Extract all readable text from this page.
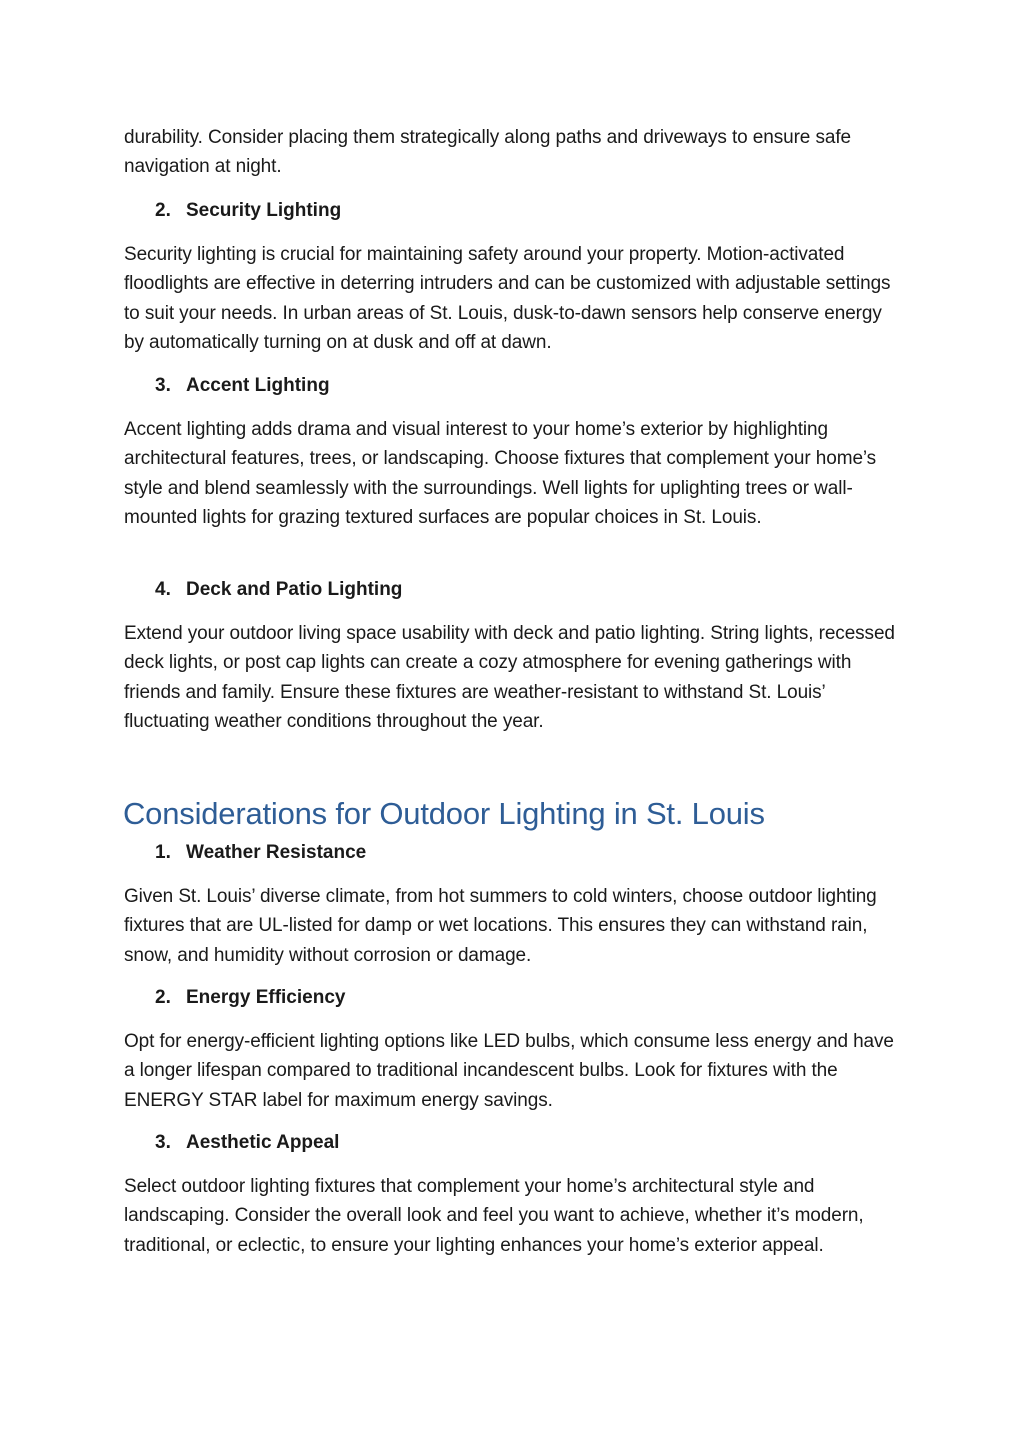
durability. Consider placing them strategically along paths and driveways to ensure safe navigation at night.

2. Security Lighting

Security lighting is crucial for maintaining safety around your property. Motion-activated floodlights are effective in deterring intruders and can be customized with adjustable settings to suit your needs. In urban areas of St. Louis, dusk-to-dawn sensors help conserve energy by automatically turning on at dusk and off at dawn.

3. Accent Lighting

Accent lighting adds drama and visual interest to your home’s exterior by highlighting architectural features, trees, or landscaping. Choose fixtures that complement your home’s style and blend seamlessly with the surroundings. Well lights for uplighting trees or wall-mounted lights for grazing textured surfaces are popular choices in St. Louis.

4. Deck and Patio Lighting

Extend your outdoor living space usability with deck and patio lighting. String lights, recessed deck lights, or post cap lights can create a cozy atmosphere for evening gatherings with friends and family. Ensure these fixtures are weather-resistant to withstand St. Louis’ fluctuating weather conditions throughout the year.

Considerations for Outdoor Lighting in St. Louis
1. Weather Resistance

Given St. Louis’ diverse climate, from hot summers to cold winters, choose outdoor lighting fixtures that are UL-listed for damp or wet locations. This ensures they can withstand rain, snow, and humidity without corrosion or damage.

2. Energy Efficiency

Opt for energy-efficient lighting options like LED bulbs, which consume less energy and have a longer lifespan compared to traditional incandescent bulbs. Look for fixtures with the ENERGY STAR label for maximum energy savings.

3. Aesthetic Appeal

Select outdoor lighting fixtures that complement your home’s architectural style and landscaping. Consider the overall look and feel you want to achieve, whether it’s modern, traditional, or eclectic, to ensure your lighting enhances your home’s exterior appeal.
